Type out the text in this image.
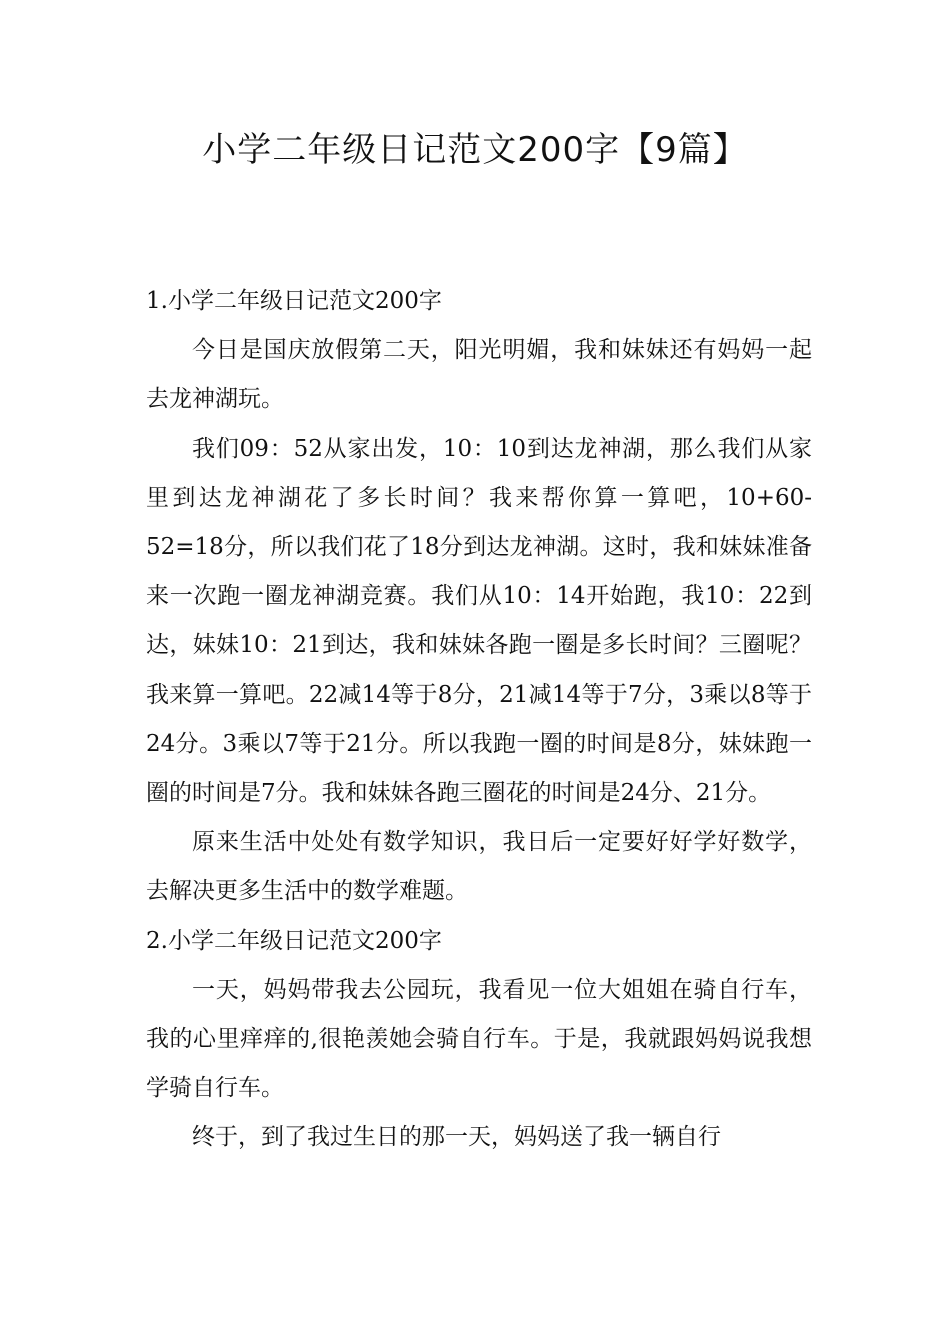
小学二年级日记范文200字【9篇】
1.小学二年级日记范文200字

今日是国庆放假第二天，阳光明媚，我和妹妹还有妈妈一起去龙神湖玩。

我们09：52从家出发，10：10到达龙神湖，那么我们从家里到达龙神湖花了多长时间？我来帮你算一算吧，10+60-52=18分，所以我们花了18分到达龙神湖。这时，我和妹妹准备来一次跑一圈龙神湖竞赛。我们从10：14开始跑，我10：22到达，妹妹10：21到达，我和妹妹各跑一圈是多长时间？三圈呢？我来算一算吧。22减14等于8分，21减14等于7分，3乘以8等于24分。3乘以7等于21分。所以我跑一圈的时间是8分，妹妹跑一圈的时间是7分。我和妹妹各跑三圈花的时间是24分、21分。

原来生活中处处有数学知识，我日后一定要好好学好数学，去解决更多生活中的数学难题。

2.小学二年级日记范文200字

一天，妈妈带我去公园玩，我看见一位大姐姐在骑自行车，我的心里痒痒的,很艳羡她会骑自行车。于是，我就跟妈妈说我想学骑自行车。

终于，到了我过生日的那一天，妈妈送了我一辆自行
